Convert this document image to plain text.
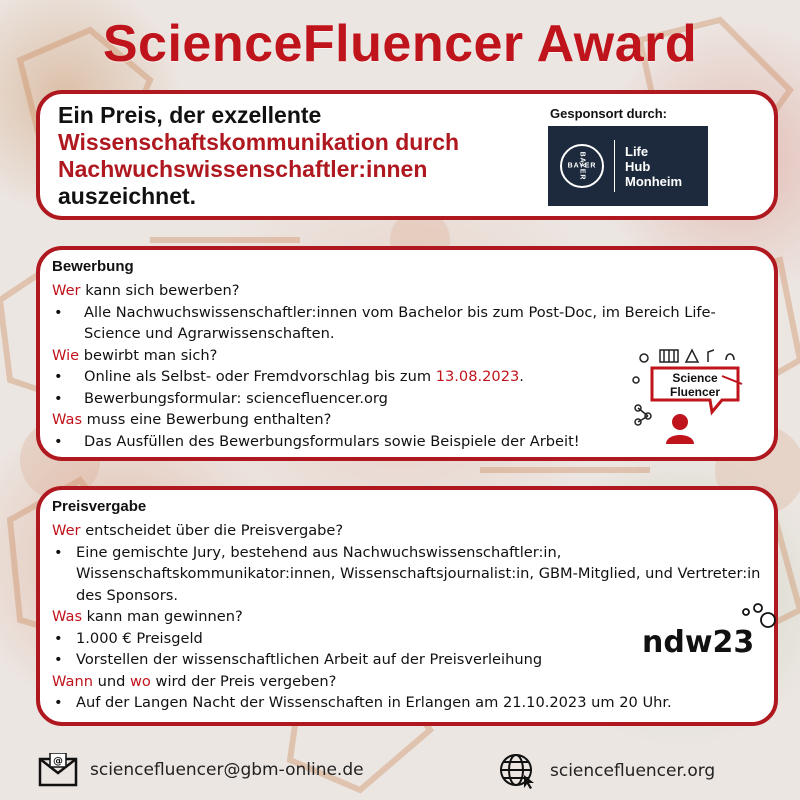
ScienceFluencer Award
Ein Preis, der exzellente
Wissenschaftskommunikation durch
Nachwuchswissenschaftler:innen
auszeichnet.
Gesponsort durch:
BAYER
BAYER
Life
Hub
Monheim
Bewerbung
Wer kann sich bewerben?
•	Alle Nachwuchswissenschaftler:innen vom Bachelor bis zum Post-Doc, im Bereich Life-Science und Agrarwissenschaften.
Wie bewirbt man sich?
•	Online als Selbst- oder Fremdvorschlag bis zum 13.08.2023.
•	Bewerbungsformular: sciencefluencer.org
Was muss eine Bewerbung enthalten?
•	Das Ausfüllen des Bewerbungsformulars sowie Beispiele der Arbeit!
Science
Fluencer
Preisvergabe
Wer entscheidet über die Preisvergabe?
• Eine gemischte Jury, bestehend aus Nachwuchswissenschaftler:in, Wissenschaftskommunikator:innen, Wissenschaftsjournalist:in, GBM-Mitglied, und Vertreter:in des Sponsors.
Was kann man gewinnen?
• 1.000 € Preisgeld
• Vorstellen der wissenschaftlichen Arbeit auf der Preisverleihung
Wann und wo wird der Preis vergeben?
• Auf der Langen Nacht der Wissenschaften in Erlangen am 21.10.2023 um 20 Uhr.
ndw23
@ sciencefluencer@gbm-online.de	sciencefluencer.org
